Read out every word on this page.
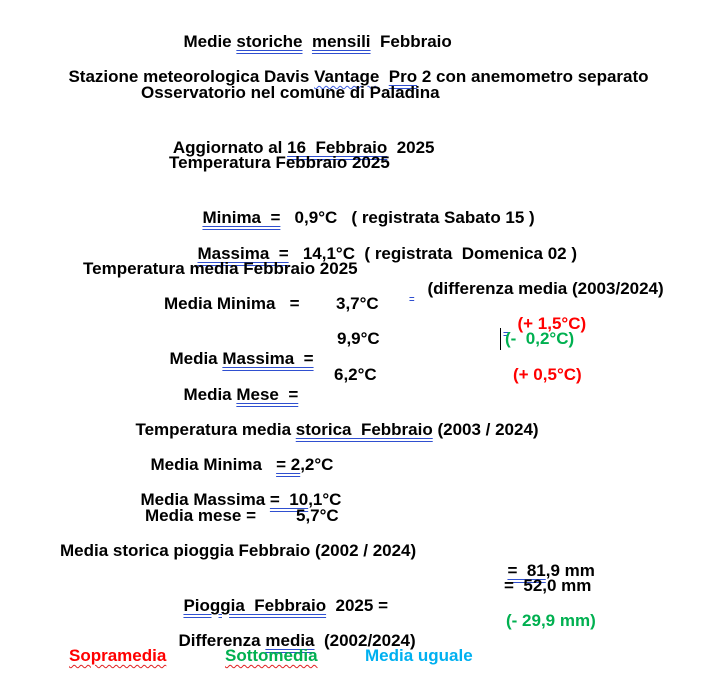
Medie storiche mensili  Febbraio

Stazione meteorologica Davis Vantage Pro 2 con anemometro separato

Osservatorio nel comune di Paladina

Aggiornato al 16  Febbraio  2025

Temperatura Febbraio 2025

Minima  =   0,9°C   ( registrata Sabato 15 )

Massima  =   14,1°C  ( registrata  Domenica 02 )

Temperatura media Febbraio 2025

(differenza media (2003/2024)

Media Minima   = 3,7°C

(+ 1,5°C)

Media Massima  =

9,9°C	(-  0,2°C)

Media Mese  =

6,2°C	(+ 0,5°C)

Temperatura media storica  Febbraio (2003 / 2024)

Media Minima   = 2,2°C

Media Massima =  10,1°C

Media mese = 5,7°C
Media storica pioggia Febbraio (2002 / 2024)

=  81,9 mm

Pioggia  Febbraio  2025 =

=  52,0 mm

Differenza media  (2002/2024)

(- 29,9 mm)
Sopramedia	Sottomedia	Media uguale
